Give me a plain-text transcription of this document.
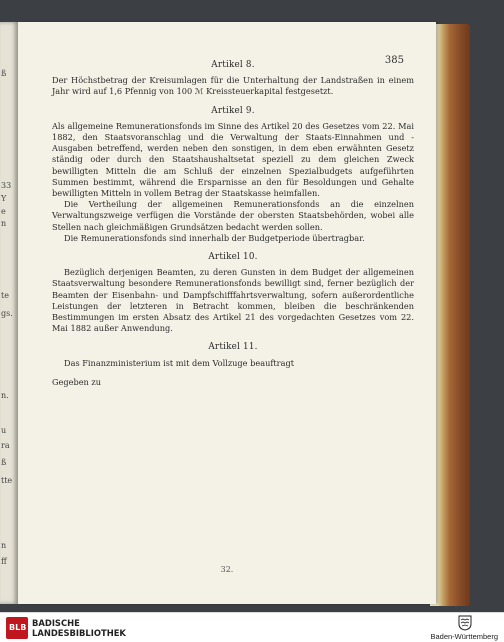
ß
33
Y
e
n
te
gs.
n.
u
ra
ß
tte
n
ff
385
Artikel 8.

Der Höchstbetrag der Kreisumlagen für die Unterhaltung der Landstraßen in einem Jahr wird auf 1,6 Pfennig von 100 ℳ Kreissteuerkapital festgesetzt.

Artikel 9.

Als allgemeine Remunerationsfonds im Sinne des Artikel 20 des Gesetzes vom 22. Mai 1882, den Staatsvoranschlag und die Verwaltung der Staats-Einnahmen und -Ausgaben betreffend, werden neben den sonstigen, in dem eben erwähnten Gesetz ständig oder durch den Staatshaushaltsetat speziell zu dem gleichen Zweck bewilligten Mitteln die am Schluß der einzelnen Spezialbudgets aufgeführten Summen bestimmt, während die Ersparnisse an den für Besoldungen und Gehalte bewilligten Mitteln in vollem Betrag der Staatskasse heimfallen.

Die Vertheilung der allgemeinen Remunerationsfonds an die einzelnen Verwaltungszweige verfügen die Vorstände der obersten Staatsbehörden, wobei alle Stellen nach gleichmäßigen Grundsätzen bedacht werden sollen.

Die Remunerationsfonds sind innerhalb der Budgetperiode übertragbar.

Artikel 10.

Bezüglich derjenigen Beamten, zu deren Gunsten in dem Budget der allgemeinen Staatsverwaltung besondere Remunerationsfonds bewilligt sind, ferner bezüglich der Beamten der Eisenbahn- und Dampfschifffahrtsverwaltung, sofern außerordentliche Leistungen der letzteren in Betracht kommen, bleiben die beschränkenden Bestimmungen im ersten Absatz des Artikel 21 des vorgedachten Gesetzes vom 22. Mai 1882 außer Anwendung.

Artikel 11.

Das Finanzministerium ist mit dem Vollzuge beauftragt

Gegeben zu

32.
BLB BADISCHE
LANDESBIBLIOTHEK	Baden-Württemberg
